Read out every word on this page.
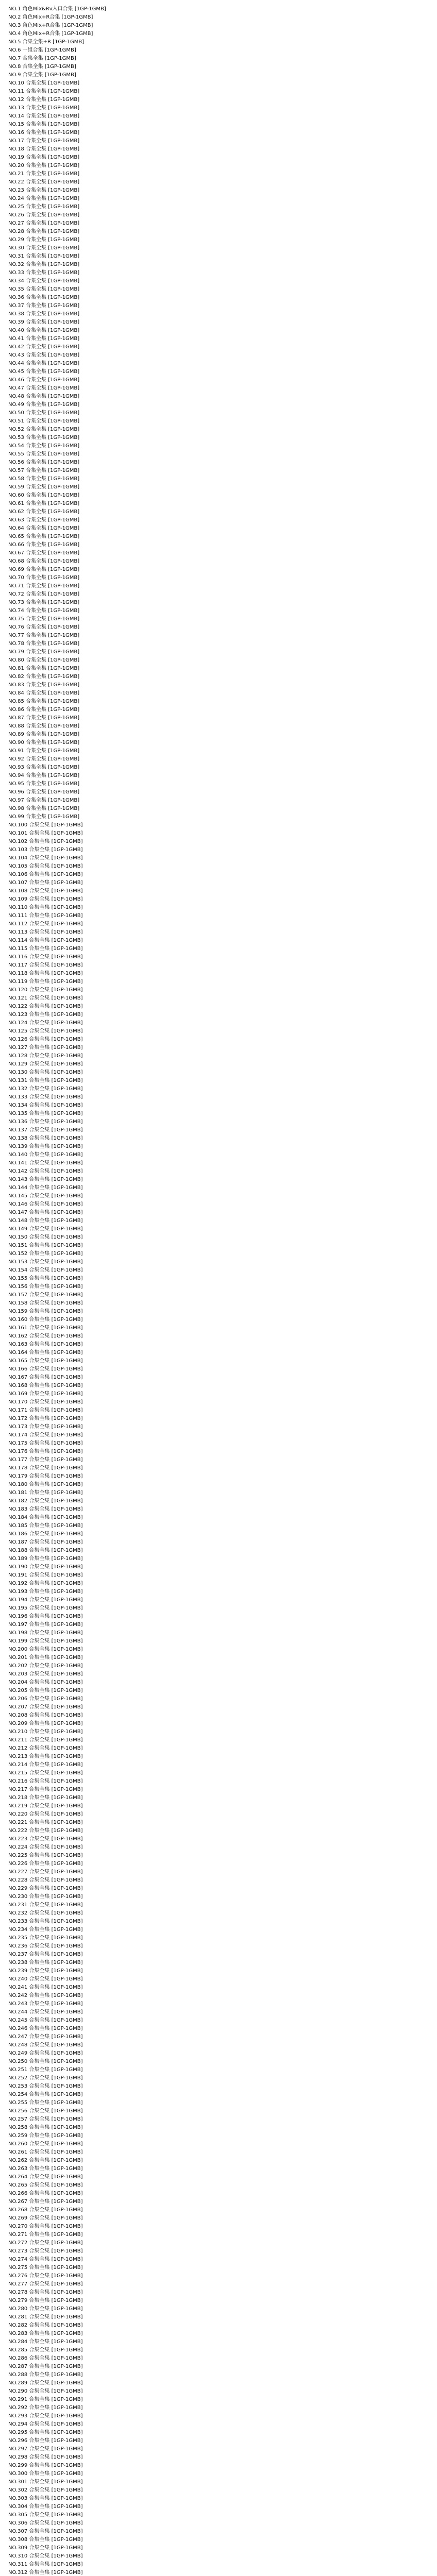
NO.1 角色Mix&Rv入口合集 [1GP-1GMB]
NO.2 角色Mix+R合集 [1GP-1GMB]
NO.3 角色Mix+R合集 [1GP-1GMB]
NO.4 角色Mix+R合集 [1GP-1GMB]
NO.5 合集全集+R [1GP-1GMB]
NO.6 一组合集 [1GP-1GMB]
NO.7 合集全集 [1GP-1GMB]
NO.8 合集全集 [1GP-1GMB]
NO.9 合集全集 [1GP-1GMB]
NO.10 合集全集 [1GP-1GMB]
NO.11 合集全集 [1GP-1GMB]
NO.12 合集全集 [1GP-1GMB]
NO.13 合集全集 [1GP-1GMB]
NO.14 合集全集 [1GP-1GMB]
NO.15 合集全集 [1GP-1GMB]
NO.16 合集全集 [1GP-1GMB]
NO.17 合集全集 [1GP-1GMB]
NO.18 合集全集 [1GP-1GMB]
NO.19 合集全集 [1GP-1GMB]
NO.20 合集全集 [1GP-1GMB]
NO.21 合集全集 [1GP-1GMB]
NO.22 合集全集 [1GP-1GMB]
NO.23 合集全集 [1GP-1GMB]
NO.24 合集全集 [1GP-1GMB]
NO.25 合集全集 [1GP-1GMB]
NO.26 合集全集 [1GP-1GMB]
NO.27 合集全集 [1GP-1GMB]
NO.28 合集全集 [1GP-1GMB]
NO.29 合集全集 [1GP-1GMB]
NO.30 合集全集 [1GP-1GMB]
NO.31 合集全集 [1GP-1GMB]
NO.32 合集全集 [1GP-1GMB]
NO.33 合集全集 [1GP-1GMB]
NO.34 合集全集 [1GP-1GMB]
NO.35 合集全集 [1GP-1GMB]
NO.36 合集全集 [1GP-1GMB]
NO.37 合集全集 [1GP-1GMB]
NO.38 合集全集 [1GP-1GMB]
NO.39 合集全集 [1GP-1GMB]
NO.40 合集全集 [1GP-1GMB]
NO.41 合集全集 [1GP-1GMB]
NO.42 合集全集 [1GP-1GMB]
NO.43 合集全集 [1GP-1GMB]
NO.44 合集全集 [1GP-1GMB]
NO.45 合集全集 [1GP-1GMB]
NO.46 合集全集 [1GP-1GMB]
NO.47 合集全集 [1GP-1GMB]
NO.48 合集全集 [1GP-1GMB]
NO.49 合集全集 [1GP-1GMB]
NO.50 合集全集 [1GP-1GMB]
NO.51 合集全集 [1GP-1GMB]
NO.52 合集全集 [1GP-1GMB]
NO.53 合集全集 [1GP-1GMB]
NO.54 合集全集 [1GP-1GMB]
NO.55 合集全集 [1GP-1GMB]
NO.56 合集全集 [1GP-1GMB]
NO.57 合集全集 [1GP-1GMB]
NO.58 合集全集 [1GP-1GMB]
NO.59 合集全集 [1GP-1GMB]
NO.60 合集全集 [1GP-1GMB]
NO.61 合集全集 [1GP-1GMB]
NO.62 合集全集 [1GP-1GMB]
NO.63 合集全集 [1GP-1GMB]
NO.64 合集全集 [1GP-1GMB]
NO.65 合集全集 [1GP-1GMB]
NO.66 合集全集 [1GP-1GMB]
NO.67 合集全集 [1GP-1GMB]
NO.68 合集全集 [1GP-1GMB]
NO.69 合集全集 [1GP-1GMB]
NO.70 合集全集 [1GP-1GMB]
NO.71 合集全集 [1GP-1GMB]
NO.72 合集全集 [1GP-1GMB]
NO.73 合集全集 [1GP-1GMB]
NO.74 合集全集 [1GP-1GMB]
NO.75 合集全集 [1GP-1GMB]
NO.76 合集全集 [1GP-1GMB]
NO.77 合集全集 [1GP-1GMB]
NO.78 合集全集 [1GP-1GMB]
NO.79 合集全集 [1GP-1GMB]
NO.80 合集全集 [1GP-1GMB]
NO.81 合集全集 [1GP-1GMB]
NO.82 合集全集 [1GP-1GMB]
NO.83 合集全集 [1GP-1GMB]
NO.84 合集全集 [1GP-1GMB]
NO.85 合集全集 [1GP-1GMB]
NO.86 合集全集 [1GP-1GMB]
NO.87 合集全集 [1GP-1GMB]
NO.88 合集全集 [1GP-1GMB]
NO.89 合集全集 [1GP-1GMB]
NO.90 合集全集 [1GP-1GMB]
NO.91 合集全集 [1GP-1GMB]
NO.92 合集全集 [1GP-1GMB]
NO.93 合集全集 [1GP-1GMB]
NO.94 合集全集 [1GP-1GMB]
NO.95 合集全集 [1GP-1GMB]
NO.96 合集全集 [1GP-1GMB]
NO.97 合集全集 [1GP-1GMB]
NO.98 合集全集 [1GP-1GMB]
NO.99 合集全集 [1GP-1GMB]
NO.100 合集全集 [1GP-1GMB]
NO.101 合集全集 [1GP-1GMB]
NO.102 合集全集 [1GP-1GMB]
NO.103 合集全集 [1GP-1GMB]
NO.104 合集全集 [1GP-1GMB]
NO.105 合集全集 [1GP-1GMB]
NO.106 合集全集 [1GP-1GMB]
NO.107 合集全集 [1GP-1GMB]
NO.108 合集全集 [1GP-1GMB]
NO.109 合集全集 [1GP-1GMB]
NO.110 合集全集 [1GP-1GMB]
NO.111 合集全集 [1GP-1GMB]
NO.112 合集全集 [1GP-1GMB]
NO.113 合集全集 [1GP-1GMB]
NO.114 合集全集 [1GP-1GMB]
NO.115 合集全集 [1GP-1GMB]
NO.116 合集全集 [1GP-1GMB]
NO.117 合集全集 [1GP-1GMB]
NO.118 合集全集 [1GP-1GMB]
NO.119 合集全集 [1GP-1GMB]
NO.120 合集全集 [1GP-1GMB]
NO.121 合集全集 [1GP-1GMB]
NO.122 合集全集 [1GP-1GMB]
NO.123 合集全集 [1GP-1GMB]
NO.124 合集全集 [1GP-1GMB]
NO.125 合集全集 [1GP-1GMB]
NO.126 合集全集 [1GP-1GMB]
NO.127 合集全集 [1GP-1GMB]
NO.128 合集全集 [1GP-1GMB]
NO.129 合集全集 [1GP-1GMB]
NO.130 合集全集 [1GP-1GMB]
NO.131 合集全集 [1GP-1GMB]
NO.132 合集全集 [1GP-1GMB]
NO.133 合集全集 [1GP-1GMB]
NO.134 合集全集 [1GP-1GMB]
NO.135 合集全集 [1GP-1GMB]
NO.136 合集全集 [1GP-1GMB]
NO.137 合集全集 [1GP-1GMB]
NO.138 合集全集 [1GP-1GMB]
NO.139 合集全集 [1GP-1GMB]
NO.140 合集全集 [1GP-1GMB]
NO.141 合集全集 [1GP-1GMB]
NO.142 合集全集 [1GP-1GMB]
NO.143 合集全集 [1GP-1GMB]
NO.144 合集全集 [1GP-1GMB]
NO.145 合集全集 [1GP-1GMB]
NO.146 合集全集 [1GP-1GMB]
NO.147 合集全集 [1GP-1GMB]
NO.148 合集全集 [1GP-1GMB]
NO.149 合集全集 [1GP-1GMB]
NO.150 合集全集 [1GP-1GMB]
NO.151 合集全集 [1GP-1GMB]
NO.152 合集全集 [1GP-1GMB]
NO.153 合集全集 [1GP-1GMB]
NO.154 合集全集 [1GP-1GMB]
NO.155 合集全集 [1GP-1GMB]
NO.156 合集全集 [1GP-1GMB]
NO.157 合集全集 [1GP-1GMB]
NO.158 合集全集 [1GP-1GMB]
NO.159 合集全集 [1GP-1GMB]
NO.160 合集全集 [1GP-1GMB]
NO.161 合集全集 [1GP-1GMB]
NO.162 合集全集 [1GP-1GMB]
NO.163 合集全集 [1GP-1GMB]
NO.164 合集全集 [1GP-1GMB]
NO.165 合集全集 [1GP-1GMB]
NO.166 合集全集 [1GP-1GMB]
NO.167 合集全集 [1GP-1GMB]
NO.168 合集全集 [1GP-1GMB]
NO.169 合集全集 [1GP-1GMB]
NO.170 合集全集 [1GP-1GMB]
NO.171 合集全集 [1GP-1GMB]
NO.172 合集全集 [1GP-1GMB]
NO.173 合集全集 [1GP-1GMB]
NO.174 合集全集 [1GP-1GMB]
NO.175 合集全集 [1GP-1GMB]
NO.176 合集全集 [1GP-1GMB]
NO.177 合集全集 [1GP-1GMB]
NO.178 合集全集 [1GP-1GMB]
NO.179 合集全集 [1GP-1GMB]
NO.180 合集全集 [1GP-1GMB]
NO.181 合集全集 [1GP-1GMB]
NO.182 合集全集 [1GP-1GMB]
NO.183 合集全集 [1GP-1GMB]
NO.184 合集全集 [1GP-1GMB]
NO.185 合集全集 [1GP-1GMB]
NO.186 合集全集 [1GP-1GMB]
NO.187 合集全集 [1GP-1GMB]
NO.188 合集全集 [1GP-1GMB]
NO.189 合集全集 [1GP-1GMB]
NO.190 合集全集 [1GP-1GMB]
NO.191 合集全集 [1GP-1GMB]
NO.192 合集全集 [1GP-1GMB]
NO.193 合集全集 [1GP-1GMB]
NO.194 合集全集 [1GP-1GMB]
NO.195 合集全集 [1GP-1GMB]
NO.196 合集全集 [1GP-1GMB]
NO.197 合集全集 [1GP-1GMB]
NO.198 合集全集 [1GP-1GMB]
NO.199 合集全集 [1GP-1GMB]
NO.200 合集全集 [1GP-1GMB]
NO.201 合集全集 [1GP-1GMB]
NO.202 合集全集 [1GP-1GMB]
NO.203 合集全集 [1GP-1GMB]
NO.204 合集全集 [1GP-1GMB]
NO.205 合集全集 [1GP-1GMB]
NO.206 合集全集 [1GP-1GMB]
NO.207 合集全集 [1GP-1GMB]
NO.208 合集全集 [1GP-1GMB]
NO.209 合集全集 [1GP-1GMB]
NO.210 合集全集 [1GP-1GMB]
NO.211 合集全集 [1GP-1GMB]
NO.212 合集全集 [1GP-1GMB]
NO.213 合集全集 [1GP-1GMB]
NO.214 合集全集 [1GP-1GMB]
NO.215 合集全集 [1GP-1GMB]
NO.216 合集全集 [1GP-1GMB]
NO.217 合集全集 [1GP-1GMB]
NO.218 合集全集 [1GP-1GMB]
NO.219 合集全集 [1GP-1GMB]
NO.220 合集全集 [1GP-1GMB]
NO.221 合集全集 [1GP-1GMB]
NO.222 合集全集 [1GP-1GMB]
NO.223 合集全集 [1GP-1GMB]
NO.224 合集全集 [1GP-1GMB]
NO.225 合集全集 [1GP-1GMB]
NO.226 合集全集 [1GP-1GMB]
NO.227 合集全集 [1GP-1GMB]
NO.228 合集全集 [1GP-1GMB]
NO.229 合集全集 [1GP-1GMB]
NO.230 合集全集 [1GP-1GMB]
NO.231 合集全集 [1GP-1GMB]
NO.232 合集全集 [1GP-1GMB]
NO.233 合集全集 [1GP-1GMB]
NO.234 合集全集 [1GP-1GMB]
NO.235 合集全集 [1GP-1GMB]
NO.236 合集全集 [1GP-1GMB]
NO.237 合集全集 [1GP-1GMB]
NO.238 合集全集 [1GP-1GMB]
NO.239 合集全集 [1GP-1GMB]
NO.240 合集全集 [1GP-1GMB]
NO.241 合集全集 [1GP-1GMB]
NO.242 合集全集 [1GP-1GMB]
NO.243 合集全集 [1GP-1GMB]
NO.244 合集全集 [1GP-1GMB]
NO.245 合集全集 [1GP-1GMB]
NO.246 合集全集 [1GP-1GMB]
NO.247 合集全集 [1GP-1GMB]
NO.248 合集全集 [1GP-1GMB]
NO.249 合集全集 [1GP-1GMB]
NO.250 合集全集 [1GP-1GMB]
NO.251 合集全集 [1GP-1GMB]
NO.252 合集全集 [1GP-1GMB]
NO.253 合集全集 [1GP-1GMB]
NO.254 合集全集 [1GP-1GMB]
NO.255 合集全集 [1GP-1GMB]
NO.256 合集全集 [1GP-1GMB]
NO.257 合集全集 [1GP-1GMB]
NO.258 合集全集 [1GP-1GMB]
NO.259 合集全集 [1GP-1GMB]
NO.260 合集全集 [1GP-1GMB]
NO.261 合集全集 [1GP-1GMB]
NO.262 合集全集 [1GP-1GMB]
NO.263 合集全集 [1GP-1GMB]
NO.264 合集全集 [1GP-1GMB]
NO.265 合集全集 [1GP-1GMB]
NO.266 合集全集 [1GP-1GMB]
NO.267 合集全集 [1GP-1GMB]
NO.268 合集全集 [1GP-1GMB]
NO.269 合集全集 [1GP-1GMB]
NO.270 合集全集 [1GP-1GMB]
NO.271 合集全集 [1GP-1GMB]
NO.272 合集全集 [1GP-1GMB]
NO.273 合集全集 [1GP-1GMB]
NO.274 合集全集 [1GP-1GMB]
NO.275 合集全集 [1GP-1GMB]
NO.276 合集全集 [1GP-1GMB]
NO.277 合集全集 [1GP-1GMB]
NO.278 合集全集 [1GP-1GMB]
NO.279 合集全集 [1GP-1GMB]
NO.280 合集全集 [1GP-1GMB]
NO.281 合集全集 [1GP-1GMB]
NO.282 合集全集 [1GP-1GMB]
NO.283 合集全集 [1GP-1GMB]
NO.284 合集全集 [1GP-1GMB]
NO.285 合集全集 [1GP-1GMB]
NO.286 合集全集 [1GP-1GMB]
NO.287 合集全集 [1GP-1GMB]
NO.288 合集全集 [1GP-1GMB]
NO.289 合集全集 [1GP-1GMB]
NO.290 合集全集 [1GP-1GMB]
NO.291 合集全集 [1GP-1GMB]
NO.292 合集全集 [1GP-1GMB]
NO.293 合集全集 [1GP-1GMB]
NO.294 合集全集 [1GP-1GMB]
NO.295 合集全集 [1GP-1GMB]
NO.296 合集全集 [1GP-1GMB]
NO.297 合集全集 [1GP-1GMB]
NO.298 合集全集 [1GP-1GMB]
NO.299 合集全集 [1GP-1GMB]
NO.300 合集全集 [1GP-1GMB]
NO.301 合集全集 [1GP-1GMB]
NO.302 合集全集 [1GP-1GMB]
NO.303 合集全集 [1GP-1GMB]
NO.304 合集全集 [1GP-1GMB]
NO.305 合集全集 [1GP-1GMB]
NO.306 合集全集 [1GP-1GMB]
NO.307 合集全集 [1GP-1GMB]
NO.308 合集全集 [1GP-1GMB]
NO.309 合集全集 [1GP-1GMB]
NO.310 合集全集 [1GP-1GMB]
NO.311 合集全集 [1GP-1GMB]
NO.312 合集全集 [1GP-1GMB]
